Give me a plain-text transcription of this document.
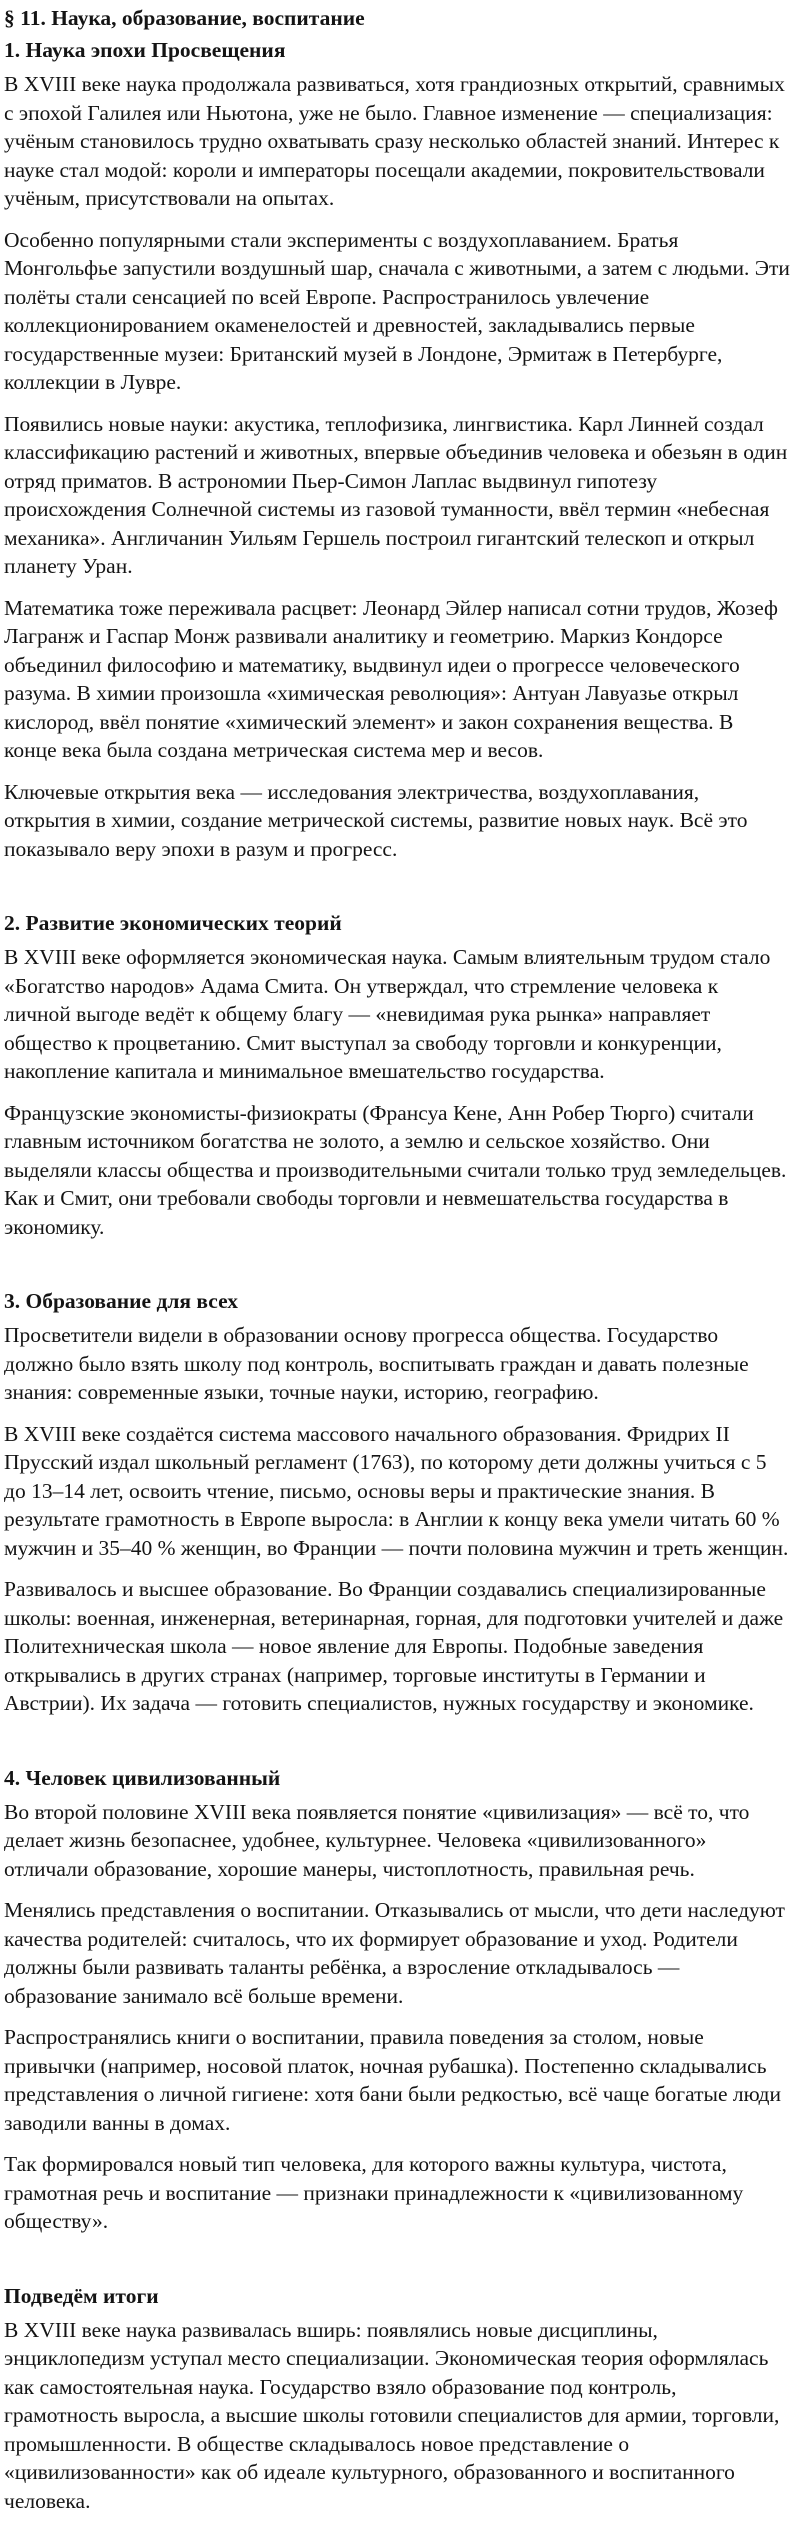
§ 11. Наука, образование, воспитание
1. Наука эпохи Просвещения

В XVIII веке наука продолжала развиваться, хотя грандиозных открытий, сравнимых с эпохой Галилея или Ньютона, уже не было. Главное изменение — специализация: учёным становилось трудно охватывать сразу несколько областей знаний. Интерес к науке стал модой: короли и императоры посещали академии, покровительствовали учёным, присутствовали на опытах.

Особенно популярными стали эксперименты с воздухоплаванием. Братья Монгольфье запустили воздушный шар, сначала с животными, а затем с людьми. Эти полёты стали сенсацией по всей Европе. Распространилось увлечение коллекционированием окаменелостей и древностей, закладывались первые государственные музеи: Британский музей в Лондоне, Эрмитаж в Петербурге, коллекции в Лувре.

Появились новые науки: акустика, теплофизика, лингвистика. Карл Линней создал классификацию растений и животных, впервые объединив человека и обезьян в один отряд приматов. В астрономии Пьер-Симон Лаплас выдвинул гипотезу происхождения Солнечной системы из газовой туманности, ввёл термин «небесная механика». Англичанин Уильям Гершель построил гигантский телескоп и открыл планету Уран.

Математика тоже переживала расцвет: Леонард Эйлер написал сотни трудов, Жозеф Лагранж и Гаспар Монж развивали аналитику и геометрию. Маркиз Кондорсе объединил философию и математику, выдвинул идеи о прогрессе человеческого разума. В химии произошла «химическая революция»: Антуан Лавуазье открыл кислород, ввёл понятие «химический элемент» и закон сохранения вещества. В конце века была создана метрическая система мер и весов.

Ключевые открытия века — исследования электричества, воздухоплавания, открытия в химии, создание метрической системы, развитие новых наук. Всё это показывало веру эпохи в разум и прогресс.

2. Развитие экономических теорий

В XVIII веке оформляется экономическая наука. Самым влиятельным трудом стало «Богатство народов» Адама Смита. Он утверждал, что стремление человека к личной выгоде ведёт к общему благу — «невидимая рука рынка» направляет общество к процветанию. Смит выступал за свободу торговли и конкуренции, накопление капитала и минимальное вмешательство государства.

Французские экономисты-физиократы (Франсуа Кене, Анн Робер Тюрго) считали главным источником богатства не золото, а землю и сельское хозяйство. Они выделяли классы общества и производительными считали только труд земледельцев. Как и Смит, они требовали свободы торговли и невмешательства государства в экономику.

3. Образование для всех

Просветители видели в образовании основу прогресса общества. Государство должно было взять школу под контроль, воспитывать граждан и давать полезные знания: современные языки, точные науки, историю, географию.

В XVIII веке создаётся система массового начального образования. Фридрих II Прусский издал школьный регламент (1763), по которому дети должны учиться с 5 до 13–14 лет, освоить чтение, письмо, основы веры и практические знания. В результате грамотность в Европе выросла: в Англии к концу века умели читать 60 % мужчин и 35–40 % женщин, во Франции — почти половина мужчин и треть женщин.

Развивалось и высшее образование. Во Франции создавались специализированные школы: военная, инженерная, ветеринарная, горная, для подготовки учителей и даже Политехническая школа — новое явление для Европы. Подобные заведения открывались в других странах (например, торговые институты в Германии и Австрии). Их задача — готовить специалистов, нужных государству и экономике.

4. Человек цивилизованный

Во второй половине XVIII века появляется понятие «цивилизация» — всё то, что делает жизнь безопаснее, удобнее, культурнее. Человека «цивилизованного» отличали образование, хорошие манеры, чистоплотность, правильная речь.

Менялись представления о воспитании. Отказывались от мысли, что дети наследуют качества родителей: считалось, что их формирует образование и уход. Родители должны были развивать таланты ребёнка, а взросление откладывалось — образование занимало всё больше времени.

Распространялись книги о воспитании, правила поведения за столом, новые привычки (например, носовой платок, ночная рубашка). Постепенно складывались представления о личной гигиене: хотя бани были редкостью, всё чаще богатые люди заводили ванны в домах.

Так формировался новый тип человека, для которого важны культура, чистота, грамотная речь и воспитание — признаки принадлежности к «цивилизованному обществу».

Подведём итоги

В XVIII веке наука развивалась вширь: появлялись новые дисциплины, энциклопедизм уступал место специализации. Экономическая теория оформлялась как самостоятельная наука. Государство взяло образование под контроль, грамотность выросла, а высшие школы готовили специалистов для армии, торговли, промышленности. В обществе складывалось новое представление о «цивилизованности» как об идеале культурного, образованного и воспитанного человека.
